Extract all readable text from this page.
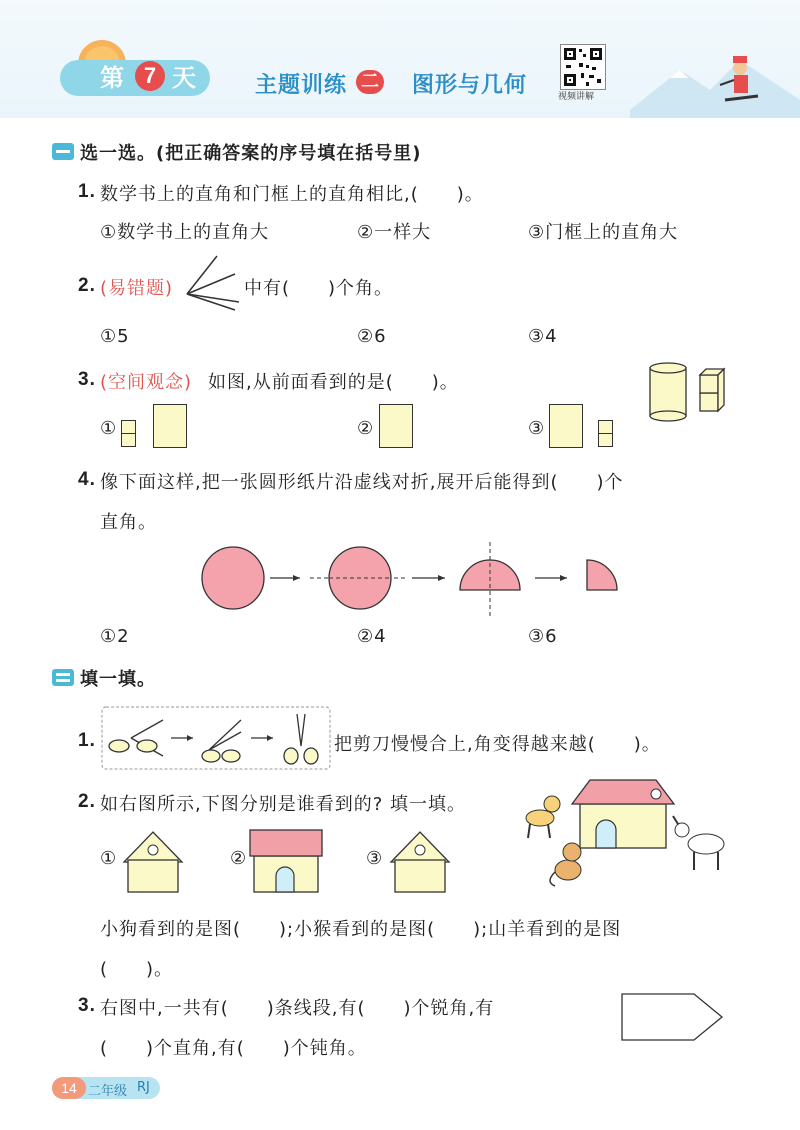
第 7 天	主题训练 二 图形与几何	视频讲解
选一选。(把正确答案的序号填在括号里)
1. 数学书上的直角和门框上的直角相比,(　　)。
①数学书上的直角大	②一样大	③门框上的直角大
2. (易错题)	中有(　　)个角。
①5	②6	③4
3. (空间观念) 如图,从前面看到的是(　　)。
①	②	③
4. 像下面这样,把一张圆形纸片沿虚线对折,展开后能得到(　　)个
直角。
①2	②4	③6
填一填。
1.	把剪刀慢慢合上,角变得越来越(　　)。
2. 如右图所示,下图分别是谁看到的? 填一填。
①	②	③
小狗看到的是图(　　);小猴看到的是图(　　);山羊看到的是图
(　　)。
3. 右图中,一共有(　　)条线段,有(　　)个锐角,有
(　　)个直角,有(　　)个钝角。
14 二年级 RJ
